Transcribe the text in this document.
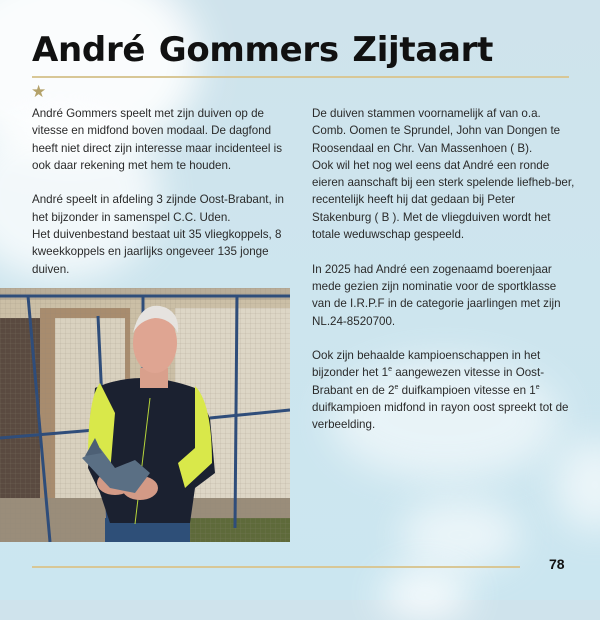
André Gommers Zijtaart
★

André Gommers speelt met zijn duiven op de vitesse en midfond boven modaal. De dagfond heeft niet direct zijn interesse maar incidenteel is ook daar rekening met hem te houden.

André speelt in afdeling 3 zijnde Oost-Brabant, in het bijzonder in samenspel C.C. Uden.
Het duivenbestand bestaat uit 35 vliegkoppels, 8 kweekkoppels en jaarlijks ongeveer 135 jonge duiven.

De duiven stammen voornamelijk af van o.a. Comb. Oomen te Sprundel, John van Dongen te Roosendaal en Chr. Van Massenhoen ( B).
Ook wil het nog wel eens dat André een ronde eieren aanschaft bij een sterk spelende liefheb-ber, recentelijk heeft hij dat gedaan bij Peter Stakenburg ( B ). Met de vliegduiven wordt het totale weduwschap gespeeld.

In 2025 had André een zogenaamd boerenjaar mede gezien zijn nominatie voor de sportklasse van de I.R.P.F in de categorie jaarlingen met zijn NL.24-8520700.

Ook zijn behaalde kampioenschappen in het bijzonder het 1e aangewezen vitesse in Oost-Brabant en de 2e duifkampioen vitesse en 1e duifkampioen midfond in rayon oost spreekt tot de verbeelding.

78
